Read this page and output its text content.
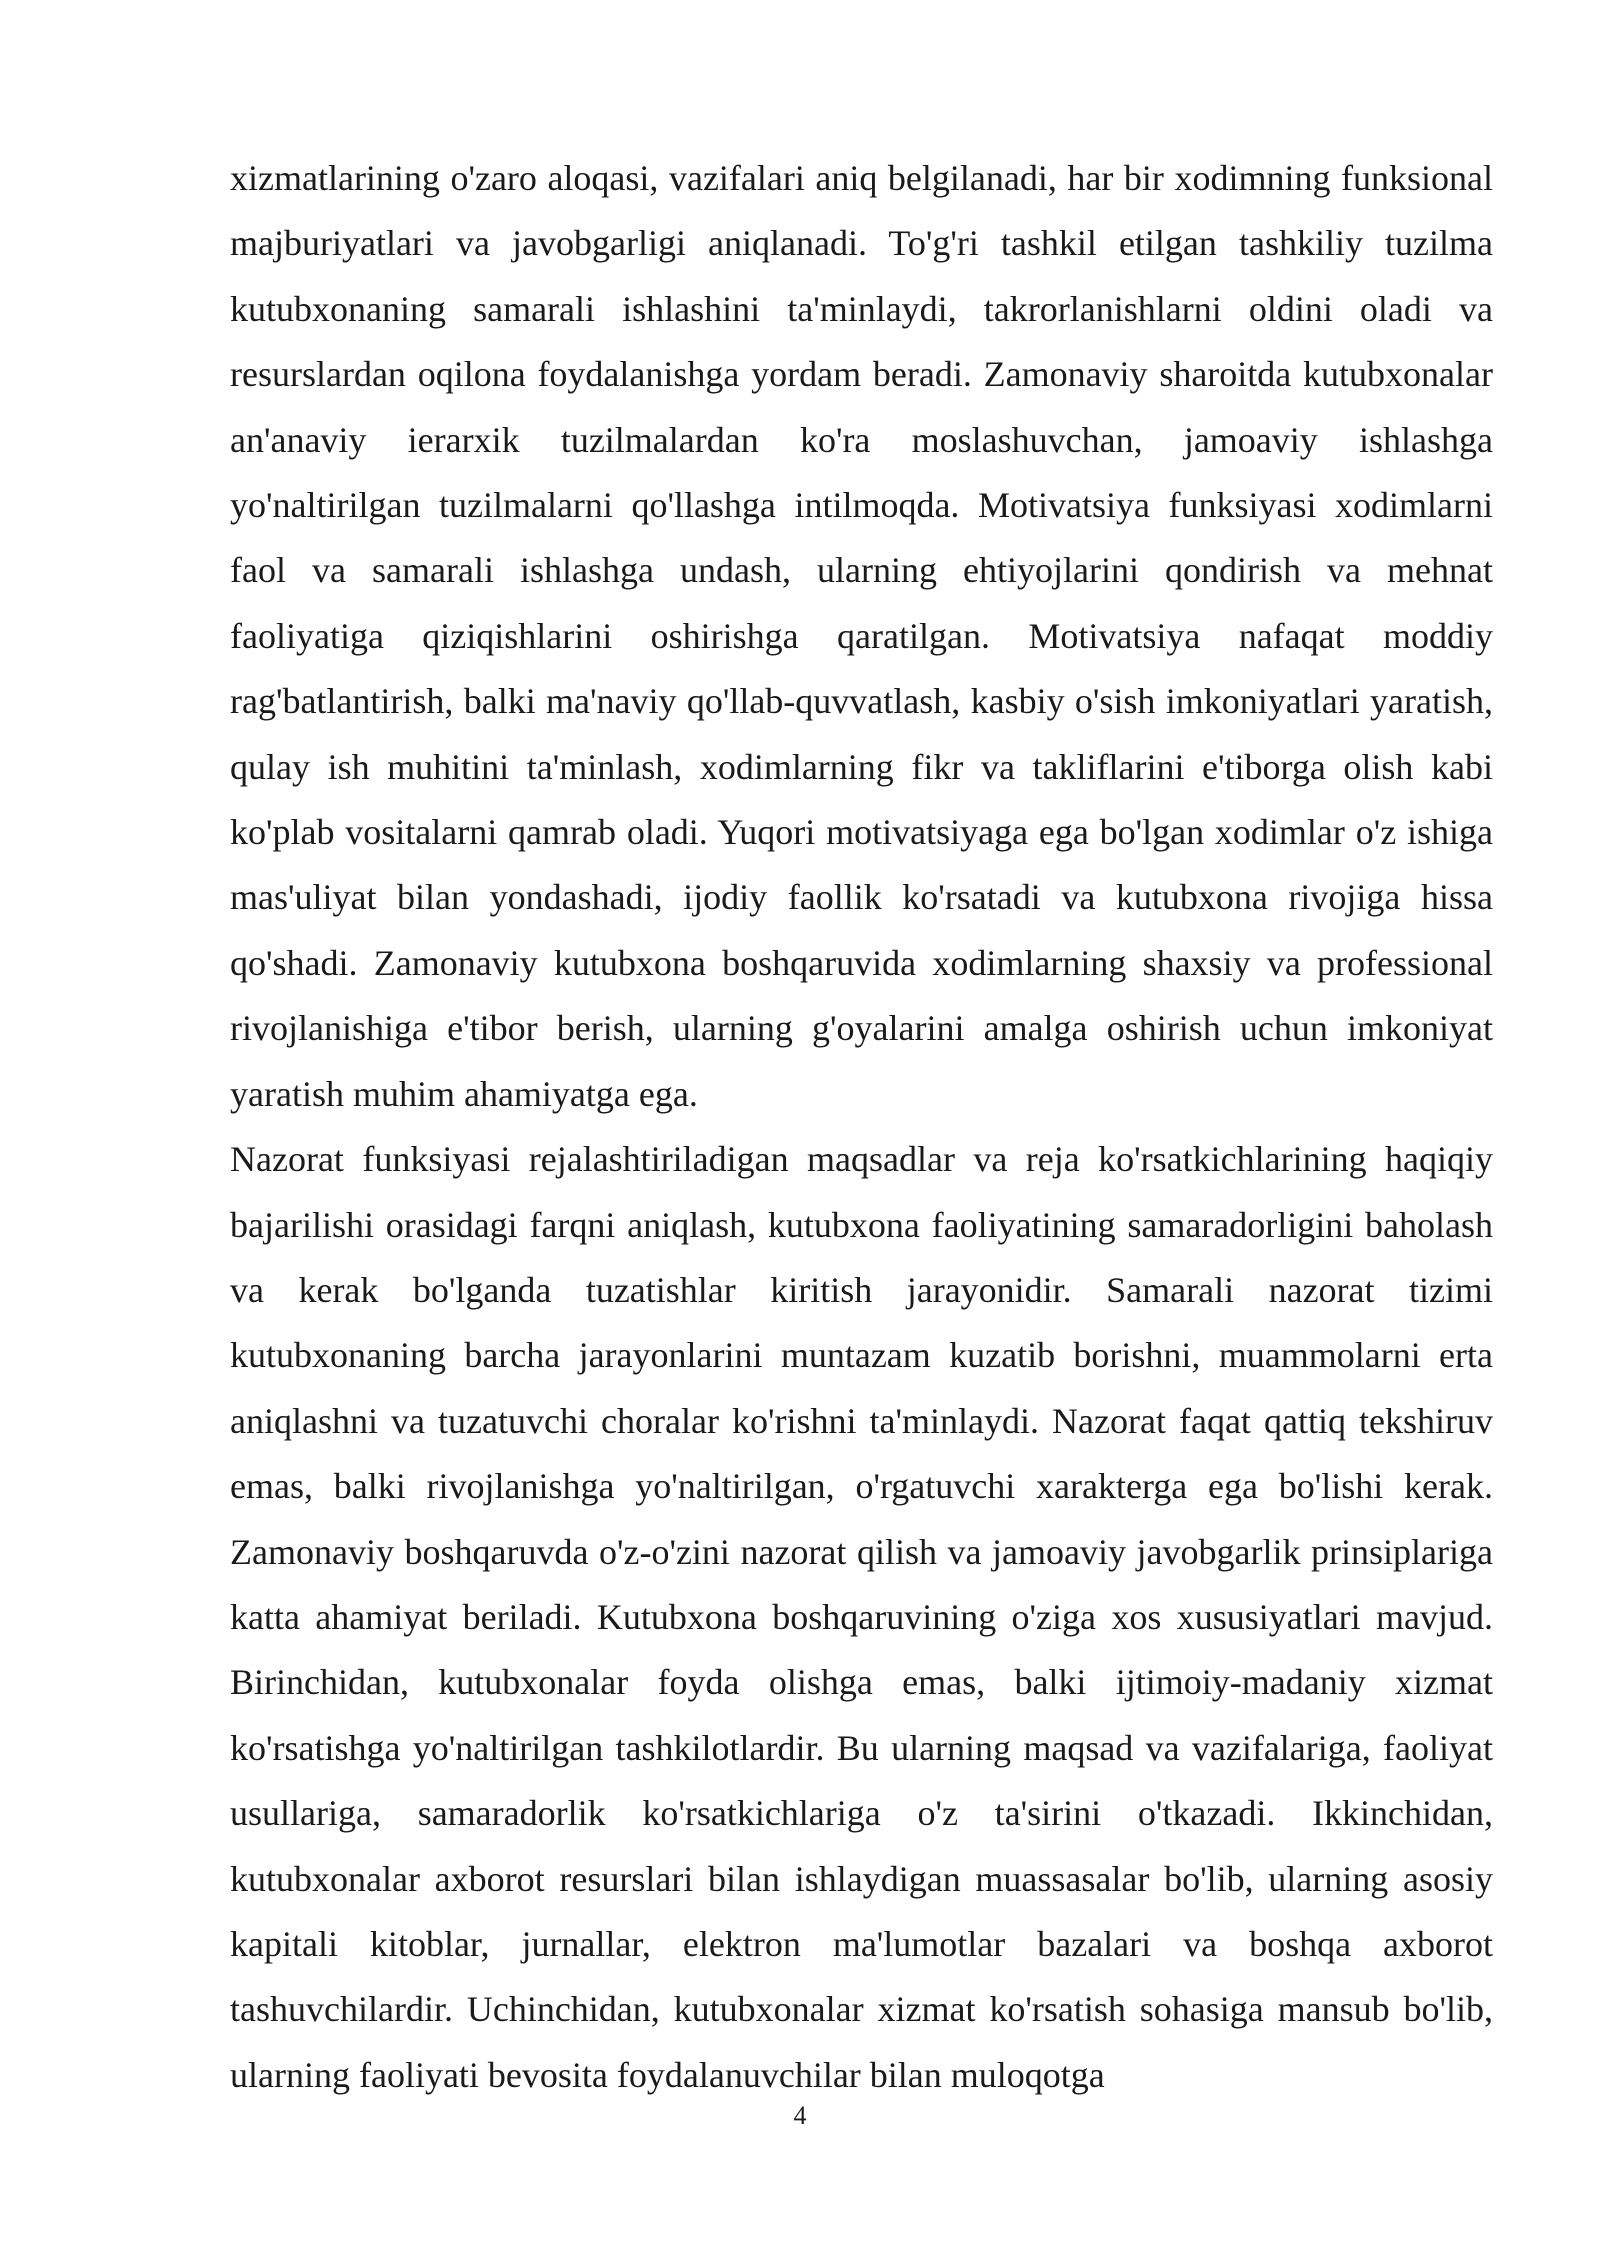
xizmatlarining o'zaro aloqasi, vazifalari aniq belgilanadi, har bir xodimning funksional majburiyatlari va javobgarligi aniqlanadi. To'g'ri tashkil etilgan tashkiliy tuzilma kutubxonaning samarali ishlashini ta'minlaydi, takrorlanishlarni oldini oladi va resurslardan oqilona foydalanishga yordam beradi. Zamonaviy sharoitda kutubxonalar an'anaviy ierarxik tuzilmalardan ko'ra moslashuvchan, jamoaviy ishlashga yo'naltirilgan tuzilmalarni qo'llashga intilmoqda. Motivatsiya funksiyasi xodimlarni faol va samarali ishlashga undash, ularning ehtiyojlarini qondirish va mehnat faoliyatiga qiziqishlarini oshirishga qaratilgan. Motivatsiya nafaqat moddiy rag'batlantirish, balki ma'naviy qo'llab-quvvatlash, kasbiy o'sish imkoniyatlari yaratish, qulay ish muhitini ta'minlash, xodimlarning fikr va takliflarini e'tiborga olish kabi ko'plab vositalarni qamrab oladi. Yuqori motivatsiyaga ega bo'lgan xodimlar o'z ishiga mas'uliyat bilan yondashadi, ijodiy faollik ko'rsatadi va kutubxona rivojiga hissa qo'shadi. Zamonaviy kutubxona boshqaruvida xodimlarning shaxsiy va professional rivojlanishiga e'tibor berish, ularning g'oyalarini amalga oshirish uchun imkoniyat yaratish muhim ahamiyatga ega.

Nazorat funksiyasi rejalashtiriladigan maqsadlar va reja ko'rsatkichlarining haqiqiy bajarilishi orasidagi farqni aniqlash, kutubxona faoliyatining samaradorligini baholash va kerak bo'lganda tuzatishlar kiritish jarayonidir. Samarali nazorat tizimi kutubxonaning barcha jarayonlarini muntazam kuzatib borishni, muammolarni erta aniqlashni va tuzatuvchi choralar ko'rishni ta'minlaydi. Nazorat faqat qattiq tekshiruv emas, balki rivojlanishga yo'naltirilgan, o'rgatuvchi xarakterga ega bo'lishi kerak. Zamonaviy boshqaruvda o'z-o'zini nazorat qilish va jamoaviy javobgarlik prinsiplariga katta ahamiyat beriladi. Kutubxona boshqaruvining o'ziga xos xususiyatlari mavjud. Birinchidan, kutubxonalar foyda olishga emas, balki ijtimoiy-madaniy xizmat ko'rsatishga yo'naltirilgan tashkilotlardir. Bu ularning maqsad va vazifalariga, faoliyat usullariga, samaradorlik ko'rsatkichlariga o'z ta'sirini o'tkazadi. Ikkinchidan, kutubxonalar axborot resurslari bilan ishlaydigan muassasalar bo'lib, ularning asosiy kapitali kitoblar, jurnallar, elektron ma'lumotlar bazalari va boshqa axborot tashuvchilardir. Uchinchidan, kutubxonalar xizmat ko'rsatish sohasiga mansub bo'lib, ularning faoliyati bevosita foydalanuvchilar bilan muloqotga

4
